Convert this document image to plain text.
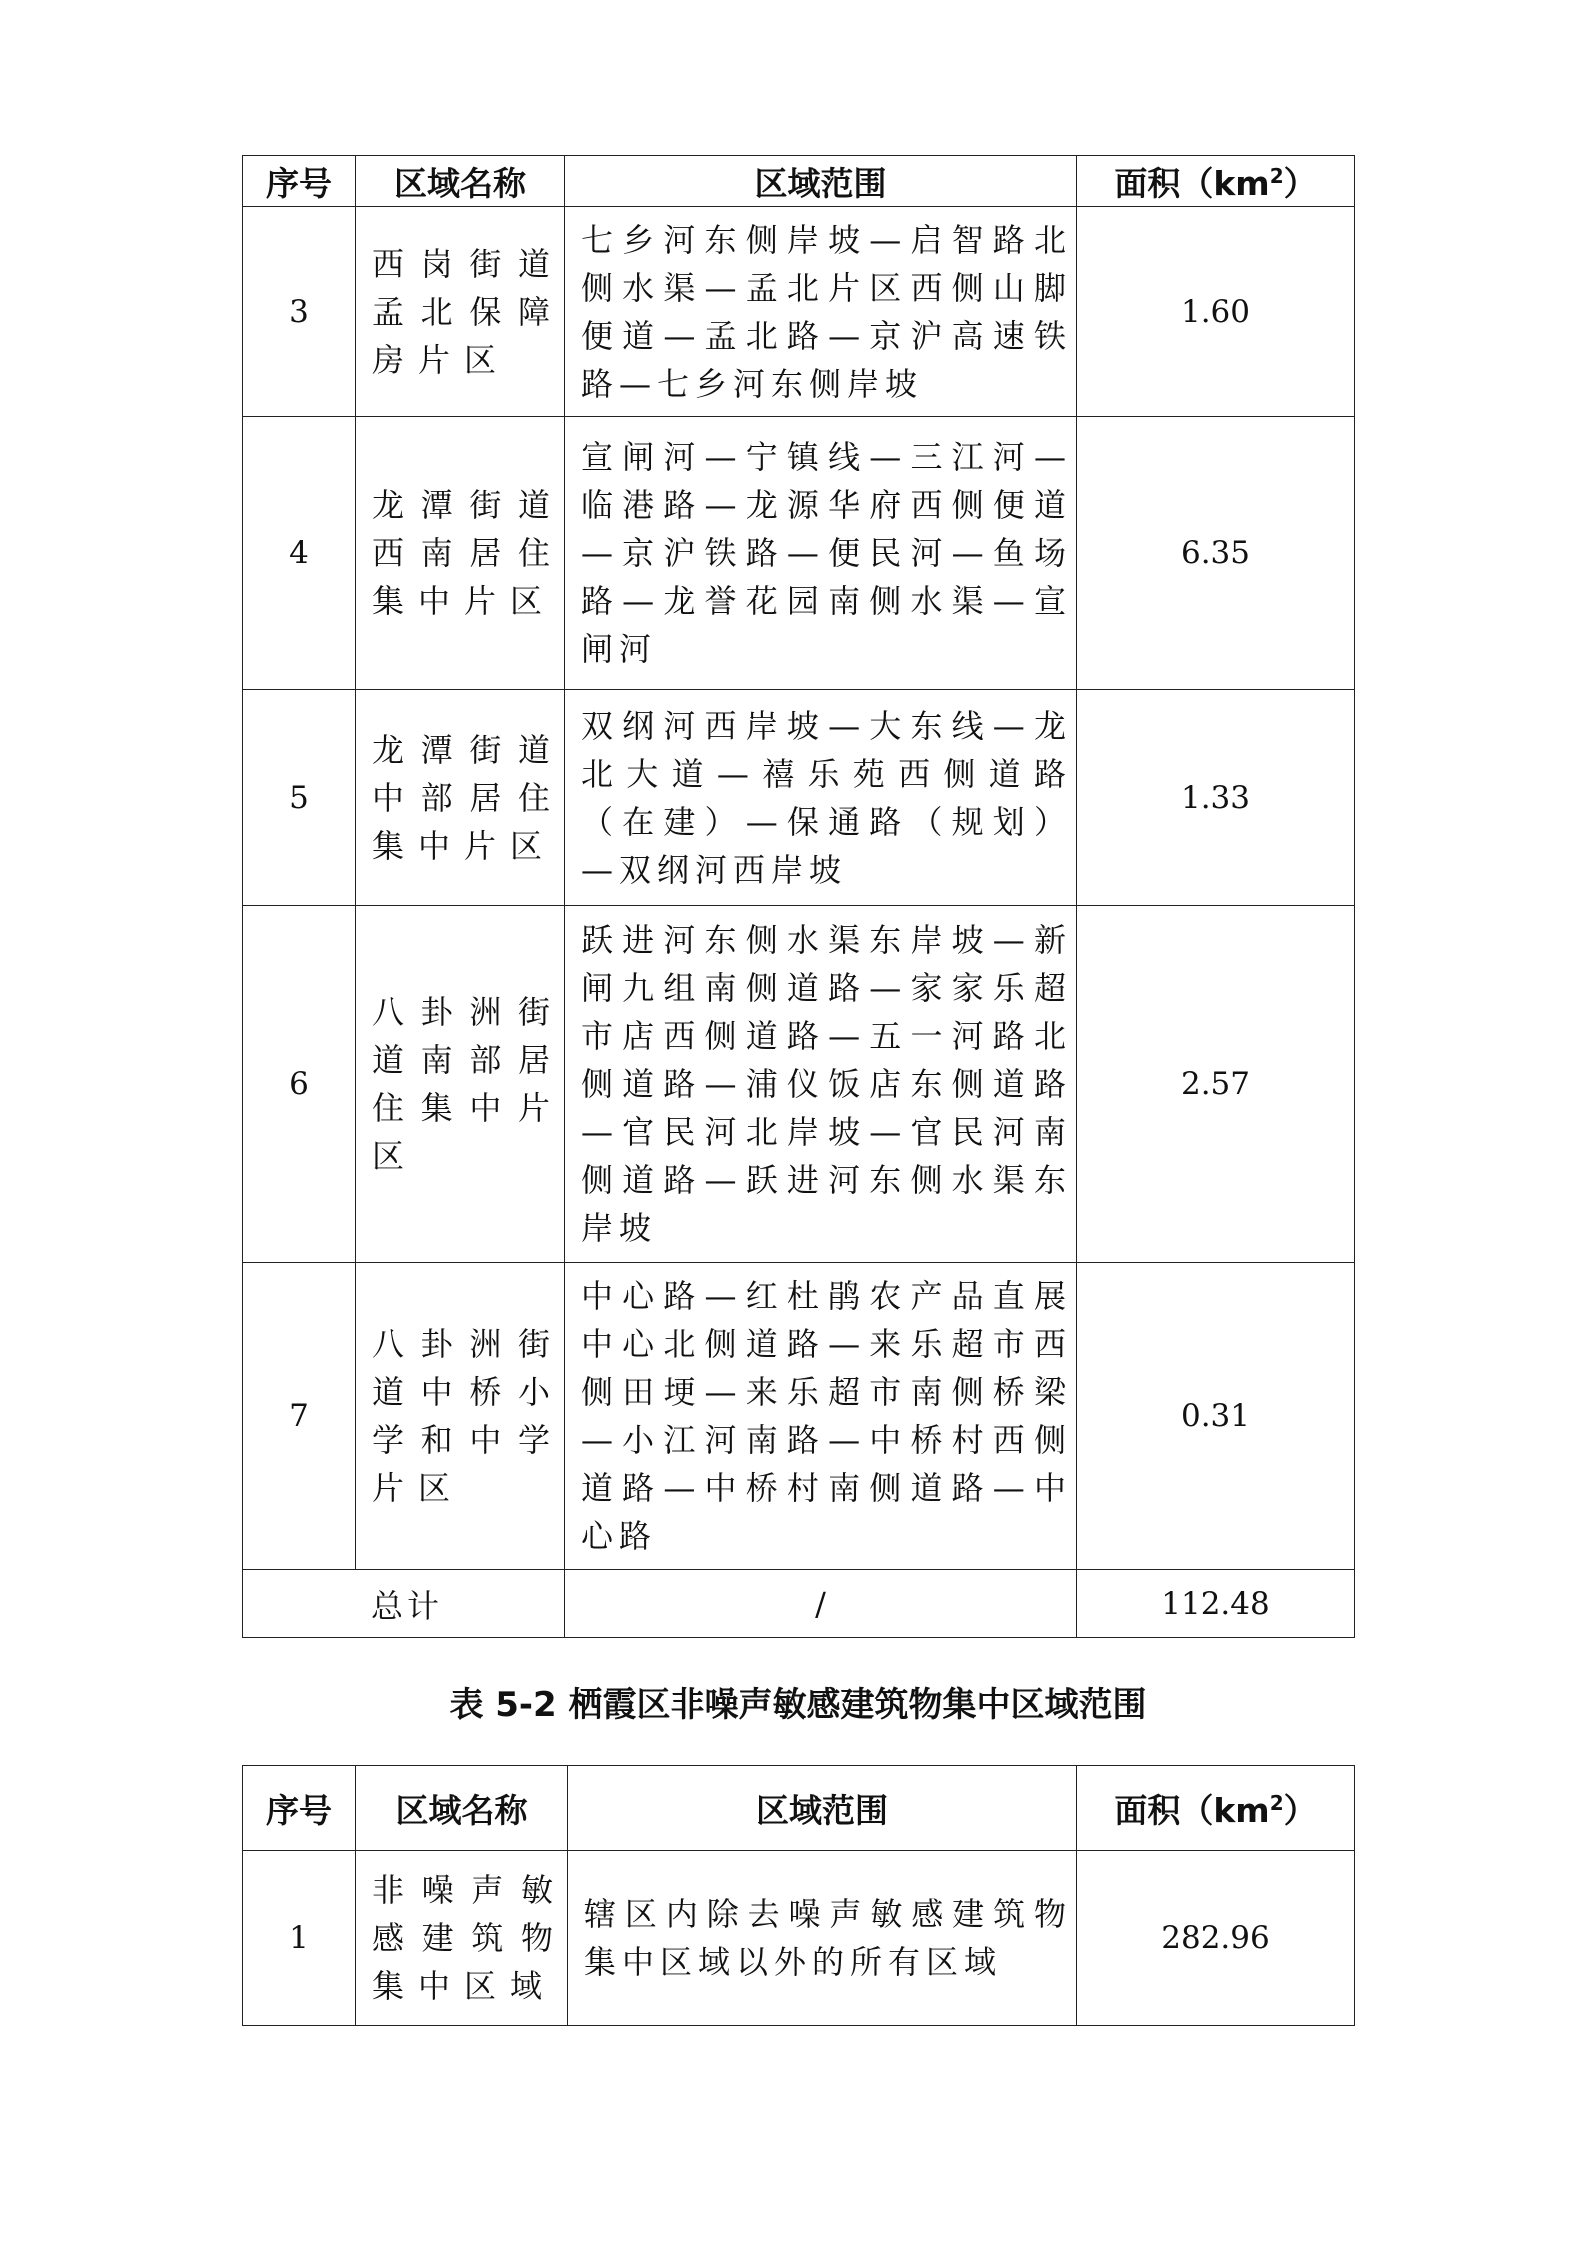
序号	区域名称	区域范围	面积$(km^2)$
3	西岗街道孟北保障房片区	七乡河东侧岸坡—启智路北侧水渠—孟北片区西侧山脚便道—孟北路—京沪高速铁路—七乡河东侧岸坡	1.60
4	龙潭街道西南居住集中片区	宣闸河—宁镇线—三江河—临港路—龙源华府西侧便道—京沪铁路—便民河—鱼场路—龙誉花园南侧水渠—宣闸河	6.35
5	龙潭街道中部居住集中片区	双纲河西岸坡—大东线—龙北大道—禧乐苑西侧道路（在建）—保通路（规划）—双纲河西岸坡	1.33
6	八卦洲街道南部居住集中片区	跃进河东侧水渠东岸坡—新闸九组南侧道路—家家乐超市店西侧道路—五一河路北侧道路—浦仪饭店东侧道路—官民河北岸坡—官民河南侧道路—跃进河东侧水渠东岸坡	2.57
7	八卦洲街道中桥小学和中学片区	中心路—红杜鹃农产品直展中心北侧道路—来乐超市西侧田埂—来乐超市南侧桥梁—小江河南路—中桥村西侧道路—中桥村南侧道路—中心路	0.31
总计		/	112.48
表 5-2 栖霞区非噪声敏感建筑物集中区域范围
序号	区域名称	区域范围	面积$(km^2)$
1	非噪声敏感建筑物集中区域	辖区内除去噪声敏感建筑物集中区域以外的所有区域	282.96
